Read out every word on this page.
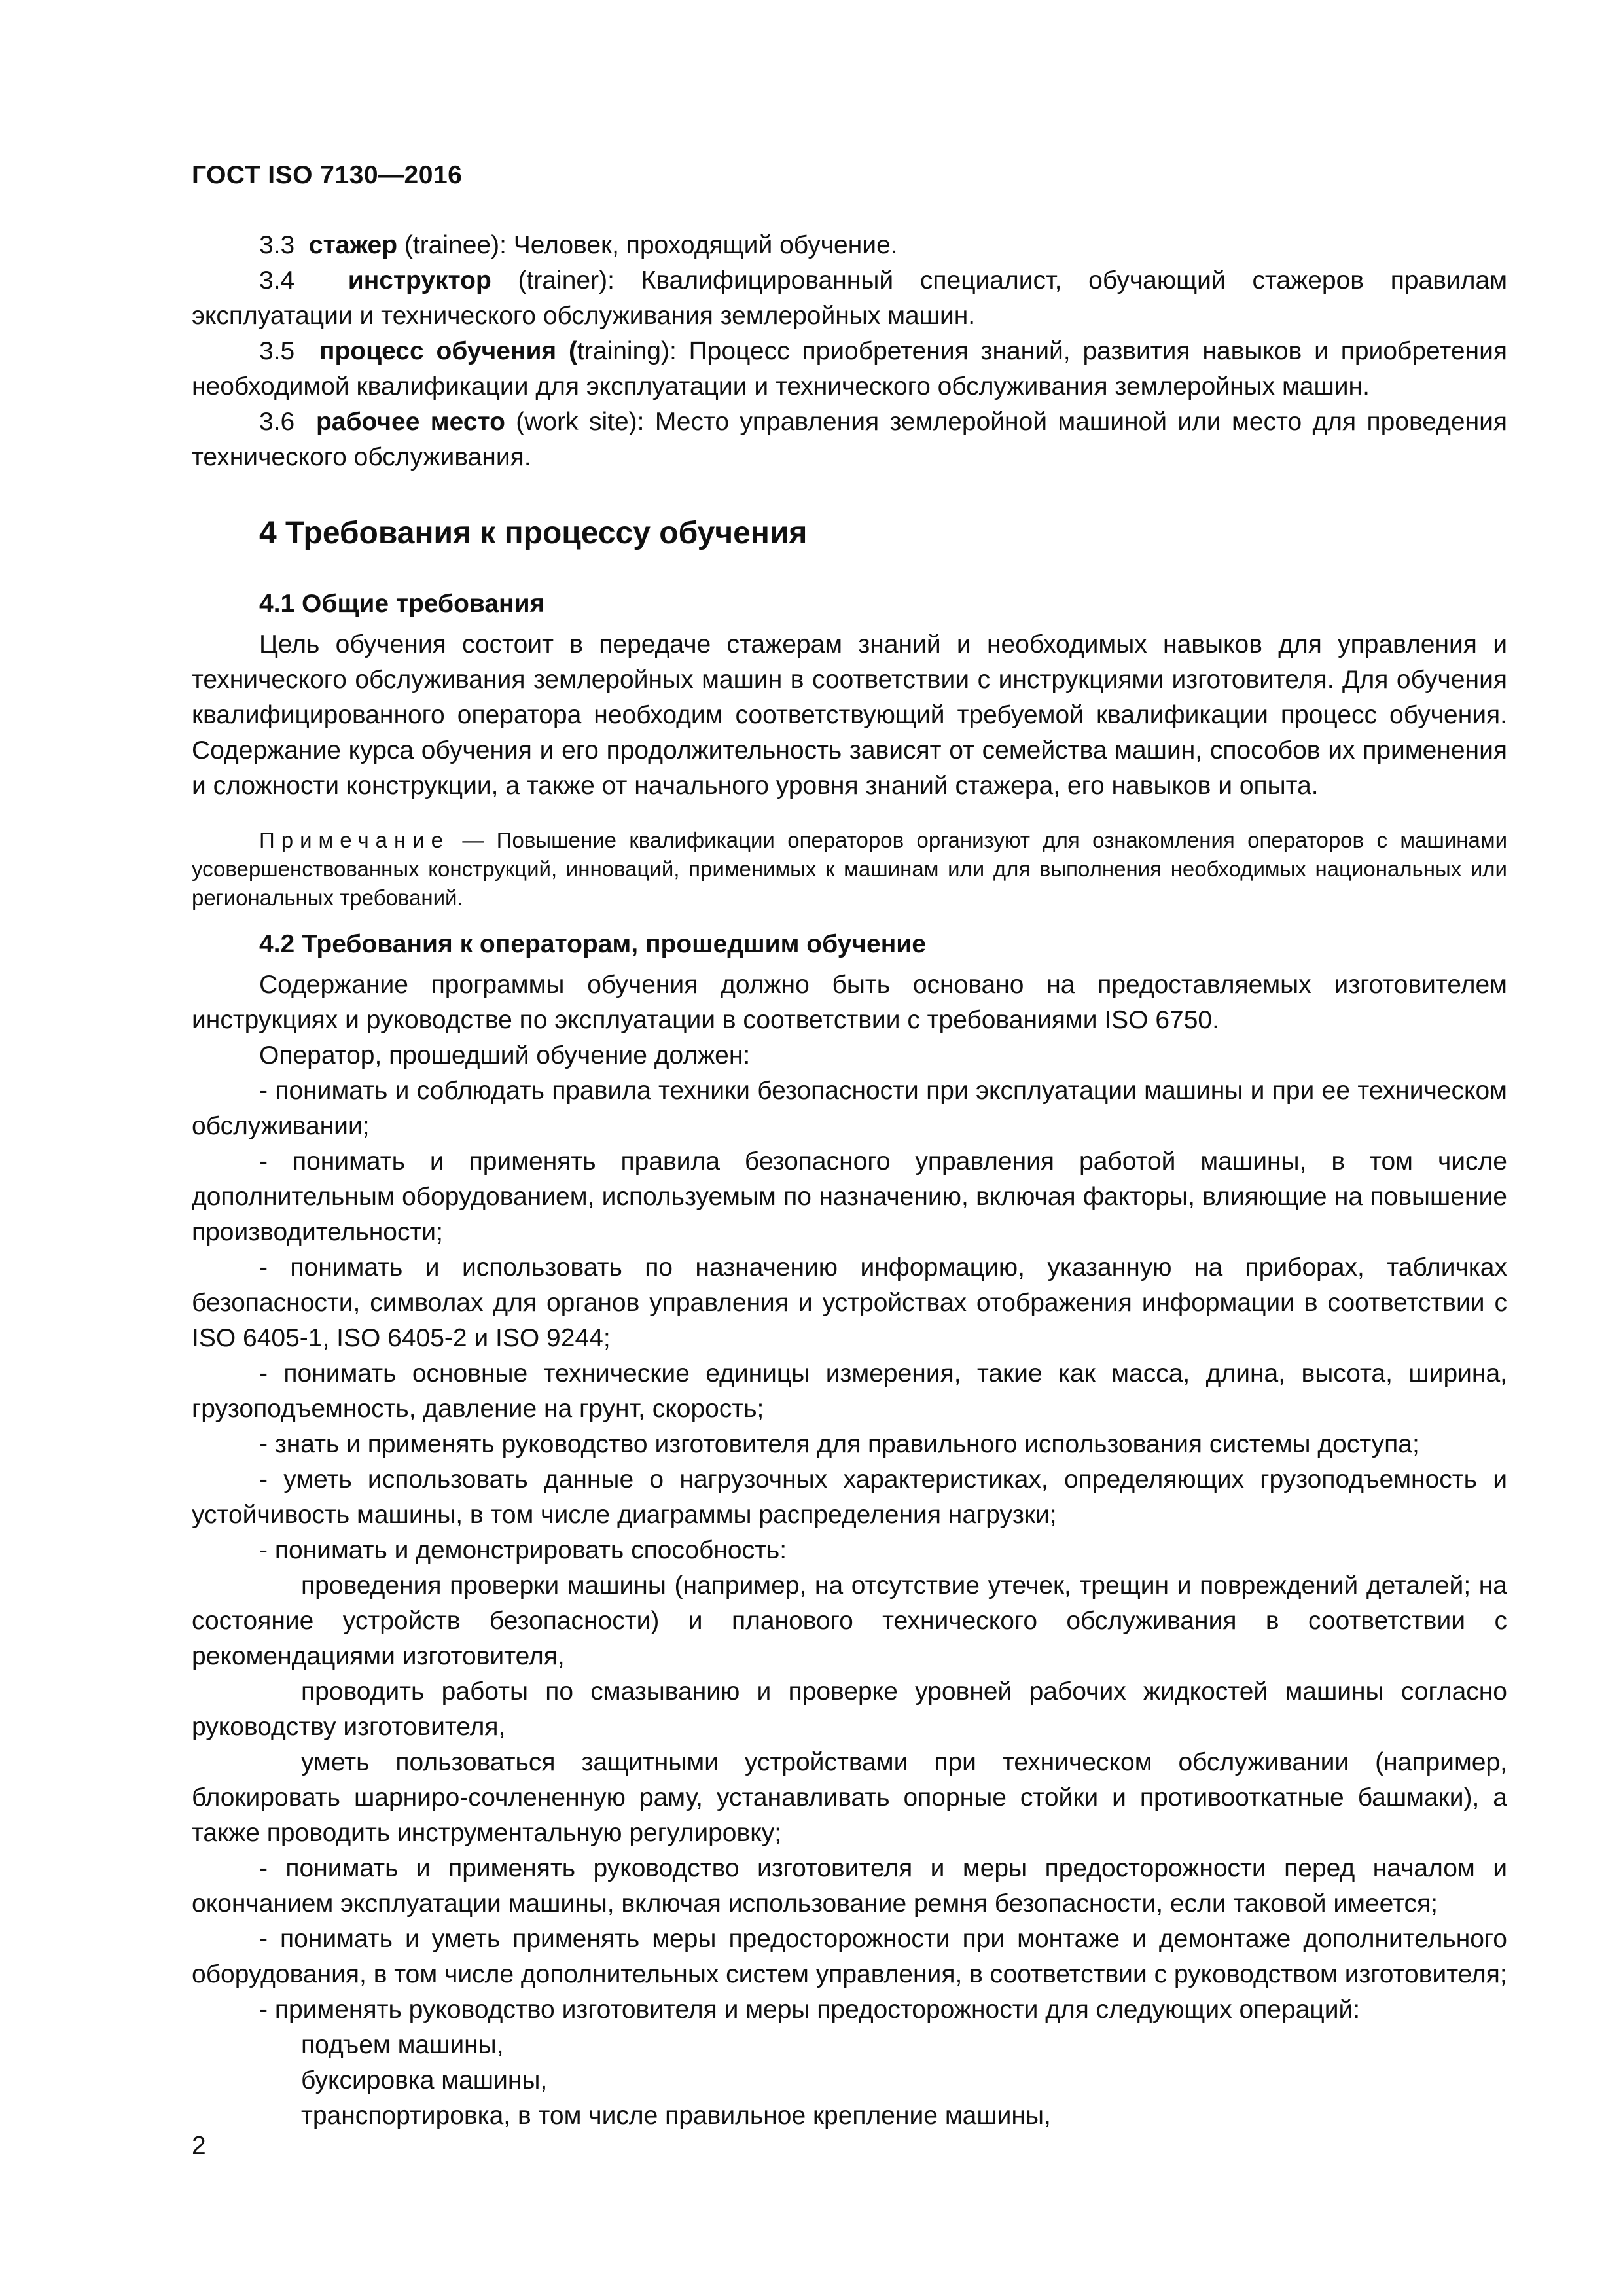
ГОСТ ISO 7130—2016

3.3 стажер (trainee): Человек, проходящий обучение.

3.4 инструктор (trainer): Квалифицированный специалист, обучающий стажеров правилам эксплуатации и технического обслуживания землеройных машин.

3.5 процесс обучения (training): Процесс приобретения знаний, развития навыков и приобретения необходимой квалификации для эксплуатации и технического обслуживания землеройных машин.

3.6 рабочее место (work site): Место управления землеройной машиной или место для проведения технического обслуживания.

4 Требования к процессу обучения
4.1 Общие требования

Цель обучения состоит в передаче стажерам знаний и необходимых навыков для управления и технического обслуживания землеройных машин в соответствии с инструкциями изготовителя. Для обучения квалифицированного оператора необходим соответствующий требуемой квалификации процесс обучения. Содержание курса обучения и его продолжительность зависят от семейства машин, способов их применения и сложности конструкции, а также от начального уровня знаний стажера, его навыков и опыта.

Примечание — Повышение квалификации операторов организуют для ознакомления операторов с машинами усовершенствованных конструкций, инноваций, применимых к машинам или для выполнения необходимых национальных или региональных требований.
4.2 Требования к операторам, прошедшим обучение

Содержание программы обучения должно быть основано на предоставляемых изготовителем инструкциях и руководстве по эксплуатации в соответствии с требованиями ISO 6750.

Оператор, прошедший обучение должен:

- понимать и соблюдать правила техники безопасности при эксплуатации машины и при ее техническом обслуживании;

- понимать и применять правила безопасного управления работой машины, в том числе дополнительным оборудованием, используемым по назначению, включая факторы, влияющие на повышение производительности;

- понимать и использовать по назначению информацию, указанную на приборах, табличках безопасности, символах для органов управления и устройствах отображения информации в соответствии с ISO 6405-1, ISO 6405-2 и ISO 9244;

- понимать основные технические единицы измерения, такие как масса, длина, высота, ширина, грузоподъемность, давление на грунт, скорость;

- знать и применять руководство изготовителя для правильного использования системы доступа;

- уметь использовать данные о нагрузочных характеристиках, определяющих грузоподъемность и устойчивость машины, в том числе диаграммы распределения нагрузки;

- понимать и демонстрировать способность:

проведения проверки машины (например, на отсутствие утечек, трещин и повреждений деталей; на состояние устройств безопасности) и планового технического обслуживания в соответствии с рекомендациями изготовителя,

проводить работы по смазыванию и проверке уровней рабочих жидкостей машины согласно руководству изготовителя,

уметь пользоваться защитными устройствами при техническом обслуживании (например, блокировать шарниро-сочлененную раму, устанавливать опорные стойки и противооткатные башмаки), а также проводить инструментальную регулировку;

- понимать и применять руководство изготовителя и меры предосторожности перед началом и окончанием эксплуатации машины, включая использование ремня безопасности, если таковой имеется;

- понимать и уметь применять меры предосторожности при монтаже и демонтаже дополнительного оборудования, в том числе дополнительных систем управления, в соответствии с руководством изготовителя;

- применять руководство изготовителя и меры предосторожности для следующих операций:

подъем машины,

буксировка машины,

транспортировка, в том числе правильное крепление машины,

2
